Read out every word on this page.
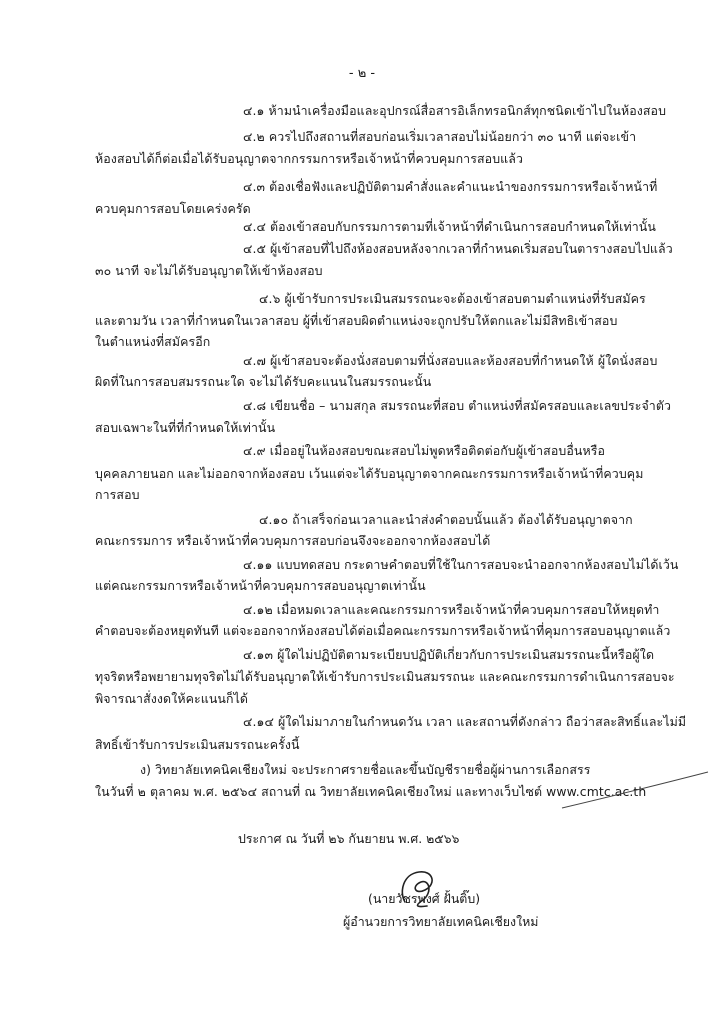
- ๒ -
๔.๑ ห้ามนำเครื่องมือและอุปกรณ์สื่อสารอิเล็กทรอนิกส์ทุกชนิดเข้าไปในห้องสอบ
๔.๒ ควรไปถึงสถานที่สอบก่อนเริ่มเวลาสอบไม่น้อยกว่า ๓๐ นาที แต่จะเข้า
ห้องสอบได้ก็ต่อเมื่อได้รับอนุญาตจากกรรมการหรือเจ้าหน้าที่ควบคุมการสอบแล้ว
๔.๓ ต้องเชื่อฟังและปฏิบัติตามคำสั่งและคำแนะนำของกรรมการหรือเจ้าหน้าที่
ควบคุมการสอบโดยเคร่งครัด
๔.๔ ต้องเข้าสอบกับกรรมการตามที่เจ้าหน้าที่ดำเนินการสอบกำหนดให้เท่านั้น
๔.๕ ผู้เข้าสอบที่ไปถึงห้องสอบหลังจากเวลาที่กำหนดเริ่มสอบในตารางสอบไปแล้ว
๓๐ นาที จะไม่ได้รับอนุญาตให้เข้าห้องสอบ
๔.๖ ผู้เข้ารับการประเมินสมรรถนะจะต้องเข้าสอบตามตำแหน่งที่รับสมัคร
และตามวัน เวลาที่กำหนดในเวลาสอบ ผู้ที่เข้าสอบผิดตำแหน่งจะถูกปรับให้ตกและไม่มีสิทธิเข้าสอบ
ในตำแหน่งที่สมัครอีก
๔.๗ ผู้เข้าสอบจะต้องนั่งสอบตามที่นั่งสอบและห้องสอบที่กำหนดให้ ผู้ใดนั่งสอบ
ผิดที่ในการสอบสมรรถนะใด จะไม่ได้รับคะแนนในสมรรถนะนั้น
๔.๘ เขียนชื่อ – นามสกุล สมรรถนะที่สอบ ตำแหน่งที่สมัครสอบและเลขประจำตัว
สอบเฉพาะในที่ที่กำหนดให้เท่านั้น
๔.๙ เมื่ออยู่ในห้องสอบขณะสอบไม่พูดหรือติดต่อกับผู้เข้าสอบอื่นหรือ
บุคคลภายนอก และไม่ออกจากห้องสอบ เว้นแต่จะได้รับอนุญาตจากคณะกรรมการหรือเจ้าหน้าที่ควบคุม
การสอบ
๔.๑๐ ถ้าเสร็จก่อนเวลาและนำส่งคำตอบนั้นแล้ว ต้องได้รับอนุญาตจาก
คณะกรรมการ หรือเจ้าหน้าที่ควบคุมการสอบก่อนจึงจะออกจากห้องสอบได้
๔.๑๑ แบบทดสอบ กระดาษคำตอบที่ใช้ในการสอบจะนำออกจากห้องสอบไม่ได้เว้น
แต่คณะกรรมการหรือเจ้าหน้าที่ควบคุมการสอบอนุญาตเท่านั้น
๔.๑๒ เมื่อหมดเวลาและคณะกรรมการหรือเจ้าหน้าที่ควบคุมการสอบให้หยุดทำ
คำตอบจะต้องหยุดทันที แต่จะออกจากห้องสอบได้ต่อเมื่อคณะกรรมการหรือเจ้าหน้าที่คุมการสอบอนุญาตแล้ว
๔.๑๓ ผู้ใดไม่ปฏิบัติตามระเบียบปฏิบัติเกี่ยวกับการประเมินสมรรถนะนี้หรือผู้ใด
ทุจริตหรือพยายามทุจริตไม่ได้รับอนุญาตให้เข้ารับการประเมินสมรรถนะ และคณะกรรมการดำเนินการสอบจะ
พิจารณาสั่งงดให้คะแนนก็ได้
๔.๑๔ ผู้ใดไม่มาภายในกำหนดวัน เวลา และสถานที่ดังกล่าว ถือว่าสละสิทธิ์และไม่มี
สิทธิ์เข้ารับการประเมินสมรรถนะครั้งนี้
ง) วิทยาลัยเทคนิคเชียงใหม่ จะประกาศรายชื่อและขึ้นบัญชีรายชื่อผู้ผ่านการเลือกสรร
ในวันที่ ๒ ตุลาคม พ.ศ. ๒๕๖๔ สถานที่ ณ วิทยาลัยเทคนิคเชียงใหม่ และทางเว็บไซต์ www.cmtc.ac.th
ประกาศ ณ วันที่ ๒๖ กันยายน พ.ศ. ๒๕๖๖
(นายวัชรพงศ์ ฝั้นติ๊บ)
ผู้อำนวยการวิทยาลัยเทคนิคเชียงใหม่
